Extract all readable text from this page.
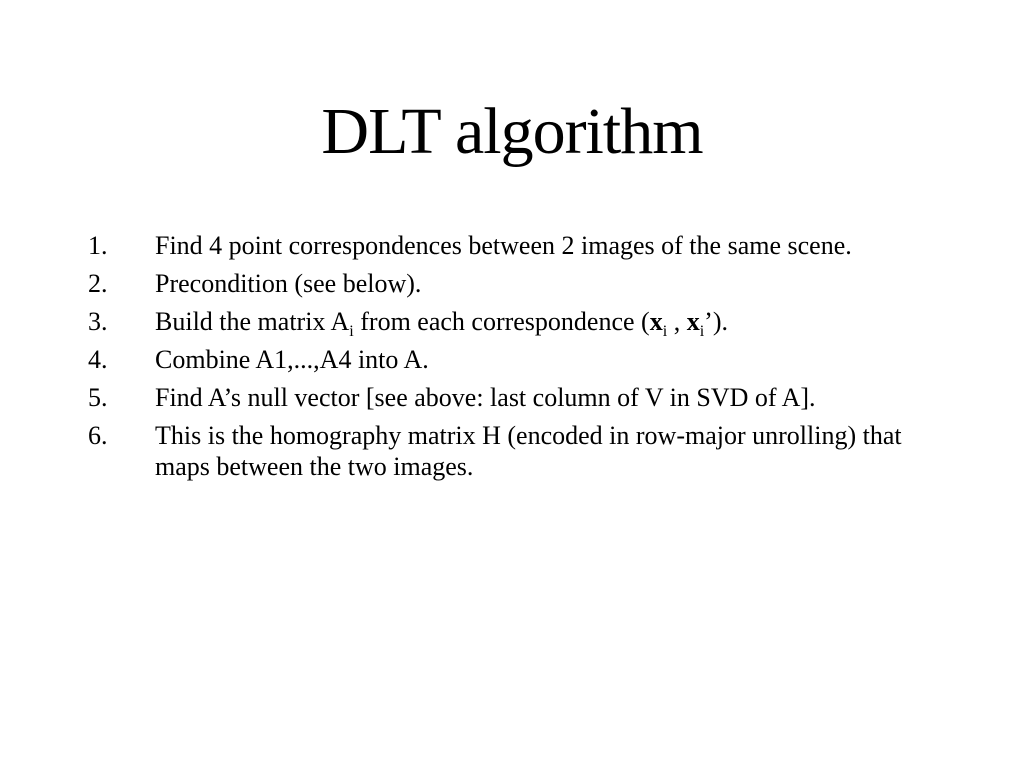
DLT algorithm
1. Find 4 point correspondences between 2 images of the same scene.
2. Precondition (see below).
3. Build the matrix $A_i$ from each correspondence ($x_i$ , $x_i$’).
4. Combine A1,...,A4 into A.
5. Find A’s null vector [see above: last column of V in SVD of A].
6. This is the homography matrix H (encoded in row-major unrolling) that maps between the two images.
